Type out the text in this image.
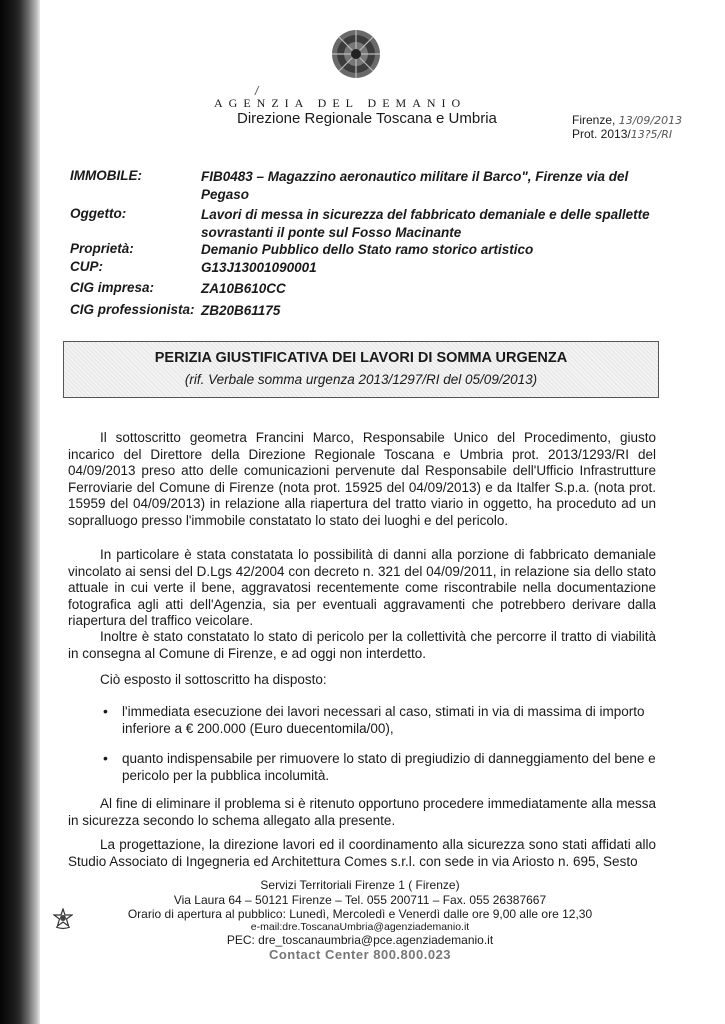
/
AGENZIA DEL DEMANIO
Direzione Regionale Toscana e Umbria	Firenze, 13/09/2013
Prot. 2013/13?5/RI
IMMOBILE:	FIB0483 – Magazzino aeronautico militare il Barco", Firenze via del Pegaso
Oggetto:	Lavori di messa in sicurezza del fabbricato demaniale e delle spallette sovrastanti il ponte sul Fosso Macinante
Proprietà:	Demanio Pubblico dello Stato ramo storico artistico
CUP:	G13J13001090001
CIG impresa:	ZA10B610CC
CIG professionista: ZB20B61175
PERIZIA GIUSTIFICATIVA DEI LAVORI DI SOMMA URGENZA
(rif. Verbale somma urgenza 2013/1297/RI del 05/09/2013)
Il sottoscritto geometra Francini Marco, Responsabile Unico del Procedimento, giusto incarico del Direttore della Direzione Regionale Toscana e Umbria prot. 2013/1293/RI del 04/09/2013 preso atto delle comunicazioni pervenute dal Responsabile dell'Ufficio Infrastrutture Ferroviarie del Comune di Firenze (nota prot. 15925 del 04/09/2013) e da Italfer S.p.a. (nota prot. 15959 del 04/09/2013) in relazione alla riapertura del tratto viario in oggetto, ha proceduto ad un sopralluogo presso l'immobile constatato lo stato dei luoghi e del pericolo.
In particolare è stata constatata lo possibilità di danni alla porzione di fabbricato demaniale vincolato ai sensi del D.Lgs 42/2004 con decreto n. 321 del 04/09/2011, in relazione sia dello stato attuale in cui verte il bene, aggravatosi recentemente come riscontrabile nella documentazione fotografica agli atti dell'Agenzia, sia per eventuali aggravamenti che potrebbero derivare dalla riapertura del traffico veicolare.
Inoltre è stato constatato lo stato di pericolo per la collettività che percorre il tratto di viabilità in consegna al Comune di Firenze, e ad oggi non interdetto.
Ciò esposto il sottoscritto ha disposto:
• l'immediata esecuzione dei lavori necessari al caso, stimati in via di massima di importo inferiore a € 200.000 (Euro duecentomila/00),
• quanto indispensabile per rimuovere lo stato di pregiudizio di danneggiamento del bene e pericolo per la pubblica incolumità.
Al fine di eliminare il problema si è ritenuto opportuno procedere immediatamente alla messa in sicurezza secondo lo schema allegato alla presente.
La progettazione, la direzione lavori ed il coordinamento alla sicurezza sono stati affidati allo Studio Associato di Ingegneria ed Architettura Comes s.r.l. con sede in via Ariosto n. 695, Sesto
Servizi Territoriali Firenze 1 ( Firenze)
Via Laura 64 – 50121 Firenze – Tel. 055 200711 – Fax. 055 26387667
Orario di apertura al pubblico: Lunedì, Mercoledì e Venerdì dalle ore 9,00 alle ore 12,30
e-mail:dre.ToscanaUmbria@agenziademanio.it
PEC: dre_toscanaumbria@pce.agenziademanio.it
Contact Center 800.800.023
